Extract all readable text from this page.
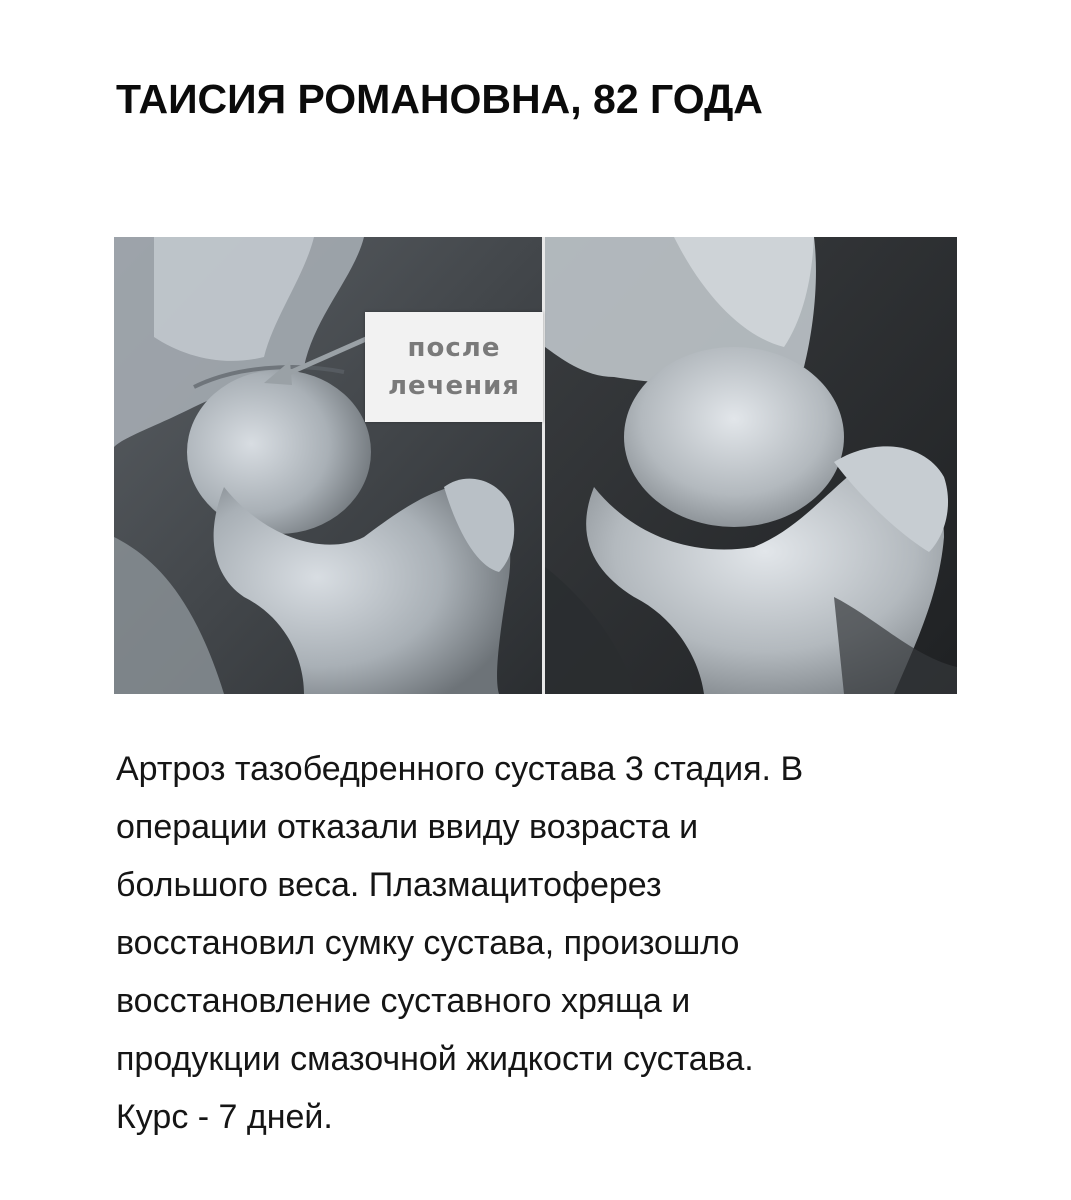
ТАИСИЯ РОМАНОВНА, 82 ГОДА
после
лечения

Артроз тазобедренного сустава 3 стадия. В
операции отказали ввиду возраста и
большого веса. Плазмацитоферез
восстановил сумку сустава, произошло
восстановление суставного хряща и
продукции смазочной жидкости сустава.
Курс - 7 дней.
